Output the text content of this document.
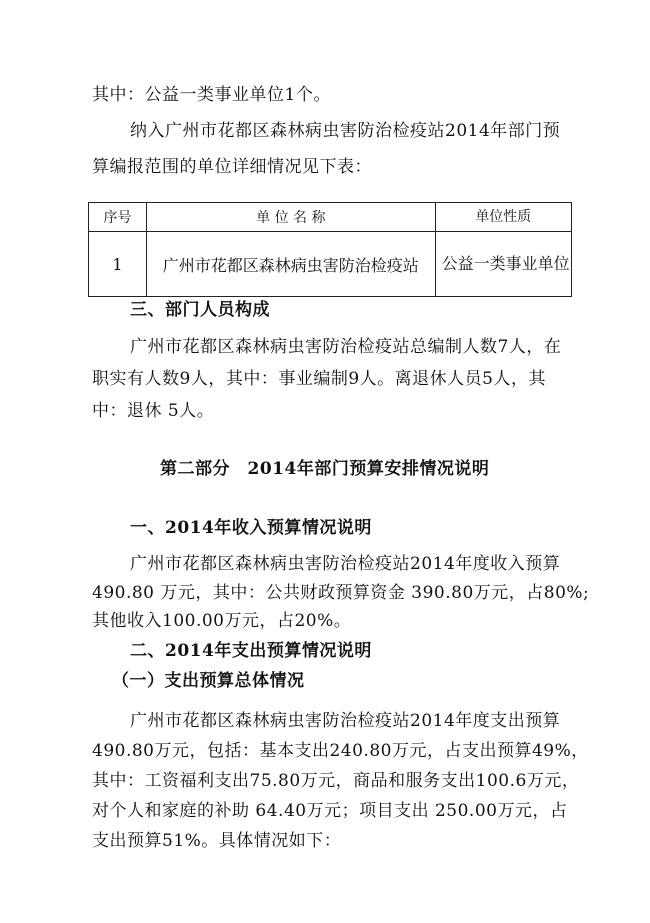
其中：公益一类事业单位1个。
纳入广州市花都区森林病虫害防治检疫站2014年部门预
算编报范围的单位详细情况见下表：
序号	单 位 名 称	单位性质
1	广州市花都区森林病虫害防治检疫站	公益一类事业单位
三、部门人员构成
广州市花都区森林病虫害防治检疫站总编制人数7人，在
职实有人数9人，其中：事业编制9人。离退休人员5人，其
中：退休 5人。
第二部分　2014年部门预算安排情况说明
一、2014年收入预算情况说明
广州市花都区森林病虫害防治检疫站2014年度收入预算
490.80 万元，其中：公共财政预算资金 390.80万元，占80%;
其他收入100.00万元，占20%。
二、2014年支出预算情况说明
（一）支出预算总体情况
广州市花都区森林病虫害防治检疫站2014年度支出预算
490.80万元，包括：基本支出240.80万元，占支出预算49%，
其中：工资福利支出75.80万元，商品和服务支出100.6万元，
对个人和家庭的补助 64.40万元；项目支出 250.00万元，占
支出预算51%。具体情况如下：
